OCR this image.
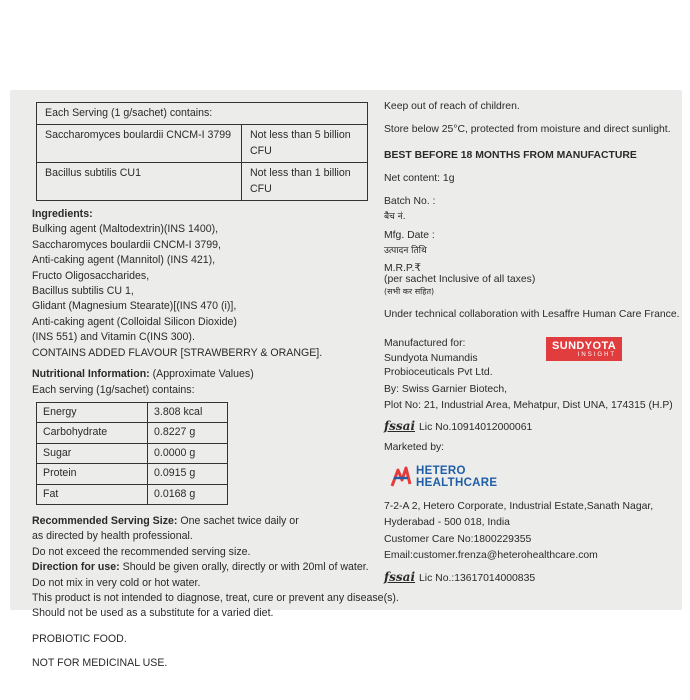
Each Serving (1 g/sachet) contains:
Saccharomyces boulardii CNCM-I 3799	Not less than 5 billion CFU
Bacillus subtilis CU1	Not less than 1 billion CFU
Ingredients:
Bulking agent (Maltodextrin)(INS 1400),
Saccharomyces boulardii CNCM-I 3799,
Anti-caking agent (Mannitol) (INS 421),
Fructo Oligosaccharides,
Bacillus subtilis CU 1,
Glidant (Magnesium Stearate)[(INS 470 (i)],
Anti-caking agent (Colloidal Silicon Dioxide)
(INS 551) and Vitamin C(INS 300).
CONTAINS ADDED FLAVOUR [STRAWBERRY & ORANGE].
Nutritional Information: (Approximate Values)
Each serving (1g/sachet) contains:
Energy	3.808 kcal
Carbohydrate	0.8227 g
Sugar	0.0000 g
Protein	0.0915 g
Fat	0.0168 g
Recommended Serving Size: One sachet twice daily or
as directed by health professional.
Do not exceed the recommended serving size.
Direction for use: Should be given orally, directly or with 20ml of water.
Do not mix in very cold or hot water.
This product is not intended to diagnose, treat, cure or prevent any disease(s).
Should not be used as a substitute for a varied diet.
PROBIOTIC FOOD.
NOT FOR MEDICINAL USE.
Keep out of reach of children.
Store below 25°C, protected from moisture and direct sunlight.
BEST BEFORE 18 MONTHS FROM MANUFACTURE
Net content: 1g
Batch No. :
बैच नं.
Mfg. Date :
उत्पादन तिथि
M.R.P.₹
(per sachet Inclusive of all taxes)
(सभी कर सहित)
Under technical collaboration with Lesaffre Human Care France.
Manufactured for:
Sundyota Numandis
Probioceuticals Pvt Ltd.
SUNDYOTA
INSIGHT
By: Swiss Garnier Biotech,
Plot No: 21, Industrial Area, Mehatpur, Dist UNA, 174315 (H.P)
fssai Lic No.10914012000061
Marketed by:
HETERO
HEALTHCARE
7-2-A 2, Hetero Corporate, Industrial Estate,Sanath Nagar,
Hyderabad - 500 018, India
Customer Care No:1800229355
Email:customer.frenza@heterohealthcare.com
fssai Lic No.:13617014000835
